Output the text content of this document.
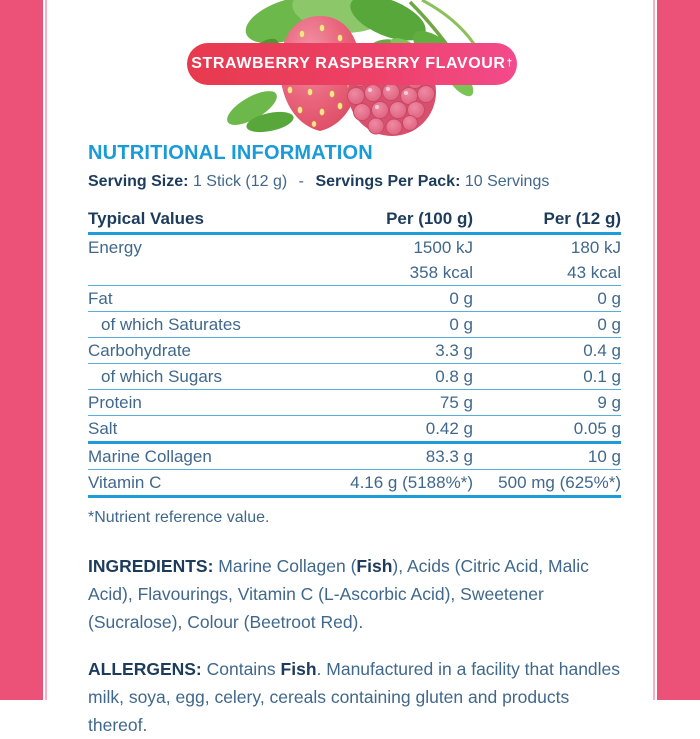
STRAWBERRY RASPBERRY FLAVOUR †
NUTRITIONAL INFORMATION

Serving Size: 1 Stick (12 g) - Servings Per Pack: 10 Servings

Typical Values	Per (100 g)	Per (12 g)
Energy	1500 kJ	180 kJ
358 kcal	43 kcal
Fat	0 g	0 g
of which Saturates	0 g	0 g
Carbohydrate	3.3 g	0.4 g
of which Sugars	0.8 g	0.1 g
Protein	75 g	9 g
Salt	0.42 g	0.05 g
Marine Collagen	83.3 g	10 g
Vitamin C	4.16 g (5188%*)	500 mg (625%*)

*Nutrient reference value.

INGREDIENTS: Marine Collagen (Fish), Acids (Citric Acid, Malic Acid), Flavourings, Vitamin C (L-Ascorbic Acid), Sweetener (Sucralose), Colour (Beetroot Red).

ALLERGENS: Contains Fish. Manufactured in a facility that handles milk, soya, egg, celery, cereals containing gluten and products thereof.
